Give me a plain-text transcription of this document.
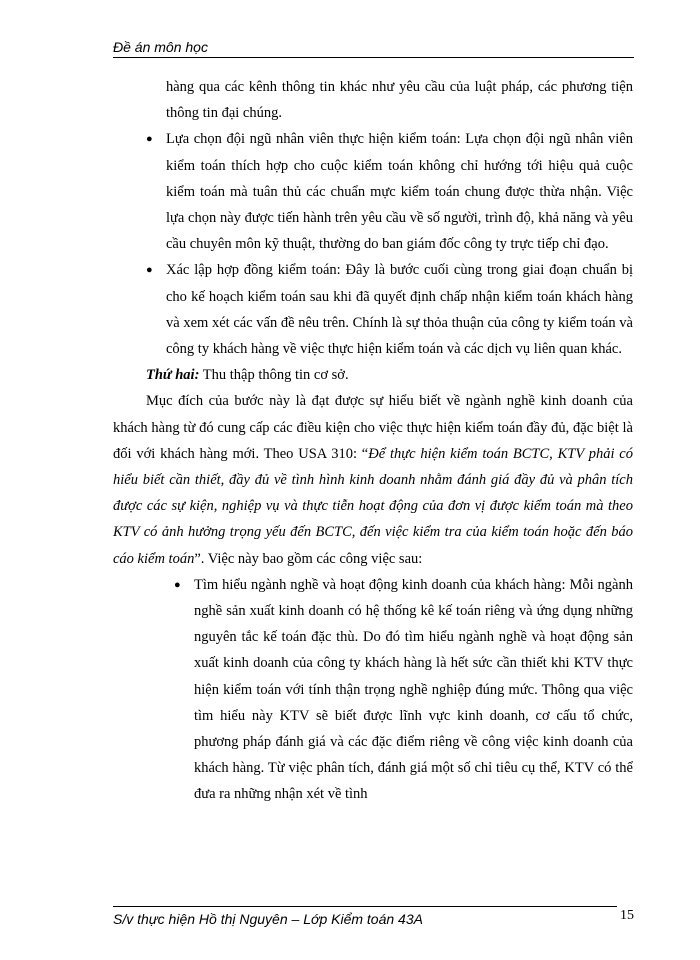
Đề án môn học
hàng qua các kênh thông tin khác như yêu cầu của luật pháp, các phương tiện thông tin đại chúng.
● Lựa chọn đội ngũ nhân viên thực hiện kiểm toán: Lựa chọn đội ngũ nhân viên kiểm toán thích hợp cho cuộc kiểm toán không chỉ hướng tới hiệu quả cuộc kiểm toán mà tuân thủ các chuẩn mực kiểm toán chung được thừa nhận. Việc lựa chọn này được tiến hành trên yêu cầu về số người, trình độ, khả năng và yêu cầu chuyên môn kỹ thuật, thường do ban giám đốc công ty trực tiếp chỉ đạo.
● Xác lập hợp đồng kiểm toán: Đây là bước cuối cùng trong giai đoạn chuẩn bị cho kế hoạch kiểm toán sau khi đã quyết định chấp nhận kiểm toán khách hàng và xem xét các vấn đề nêu trên. Chính là sự thỏa thuận của công ty kiểm toán và công ty khách hàng về việc thực hiện kiểm toán và các dịch vụ liên quan khác.

Thứ hai: Thu thập thông tin cơ sở.

Mục đích của bước này là đạt được sự hiểu biết về ngành nghề kinh doanh của khách hàng từ đó cung cấp các điều kiện cho việc thực hiện kiểm toán đầy đủ, đặc biệt là đối với khách hàng mới. Theo USA 310: “Để thực hiện kiểm toán BCTC, KTV phải có hiểu biết cần thiết, đầy đủ về tình hình kinh doanh nhằm đánh giá đầy đủ và phân tích được các sự kiện, nghiệp vụ và thực tiễn hoạt động của đơn vị được kiểm toán mà theo KTV có ảnh hưởng trọng yếu đến BCTC, đến việc kiểm tra của kiểm toán hoặc đến báo cáo kiểm toán”. Việc này bao gồm các công việc sau:

● Tìm hiểu ngành nghề và hoạt động kinh doanh của khách hàng: Mỗi ngành nghề sản xuất kinh doanh có hệ thống kê kế toán riêng và ứng dụng những nguyên tắc kế toán đặc thù. Do đó tìm hiểu ngành nghề và hoạt động sản xuất kinh doanh của công ty khách hàng là hết sức cần thiết khi KTV thực hiện kiểm toán với tính thận trọng nghề nghiệp đúng mức. Thông qua việc tìm hiểu này KTV sẽ biết được lĩnh vực kinh doanh, cơ cấu tổ chức, phương pháp đánh giá và các đặc điểm riêng về công việc kinh doanh của khách hàng. Từ việc phân tích, đánh giá một số chỉ tiêu cụ thể, KTV có thể đưa ra những nhận xét về tình
S/v thực hiện Hồ thị Nguyên – Lớp Kiểm toán 43A	15
